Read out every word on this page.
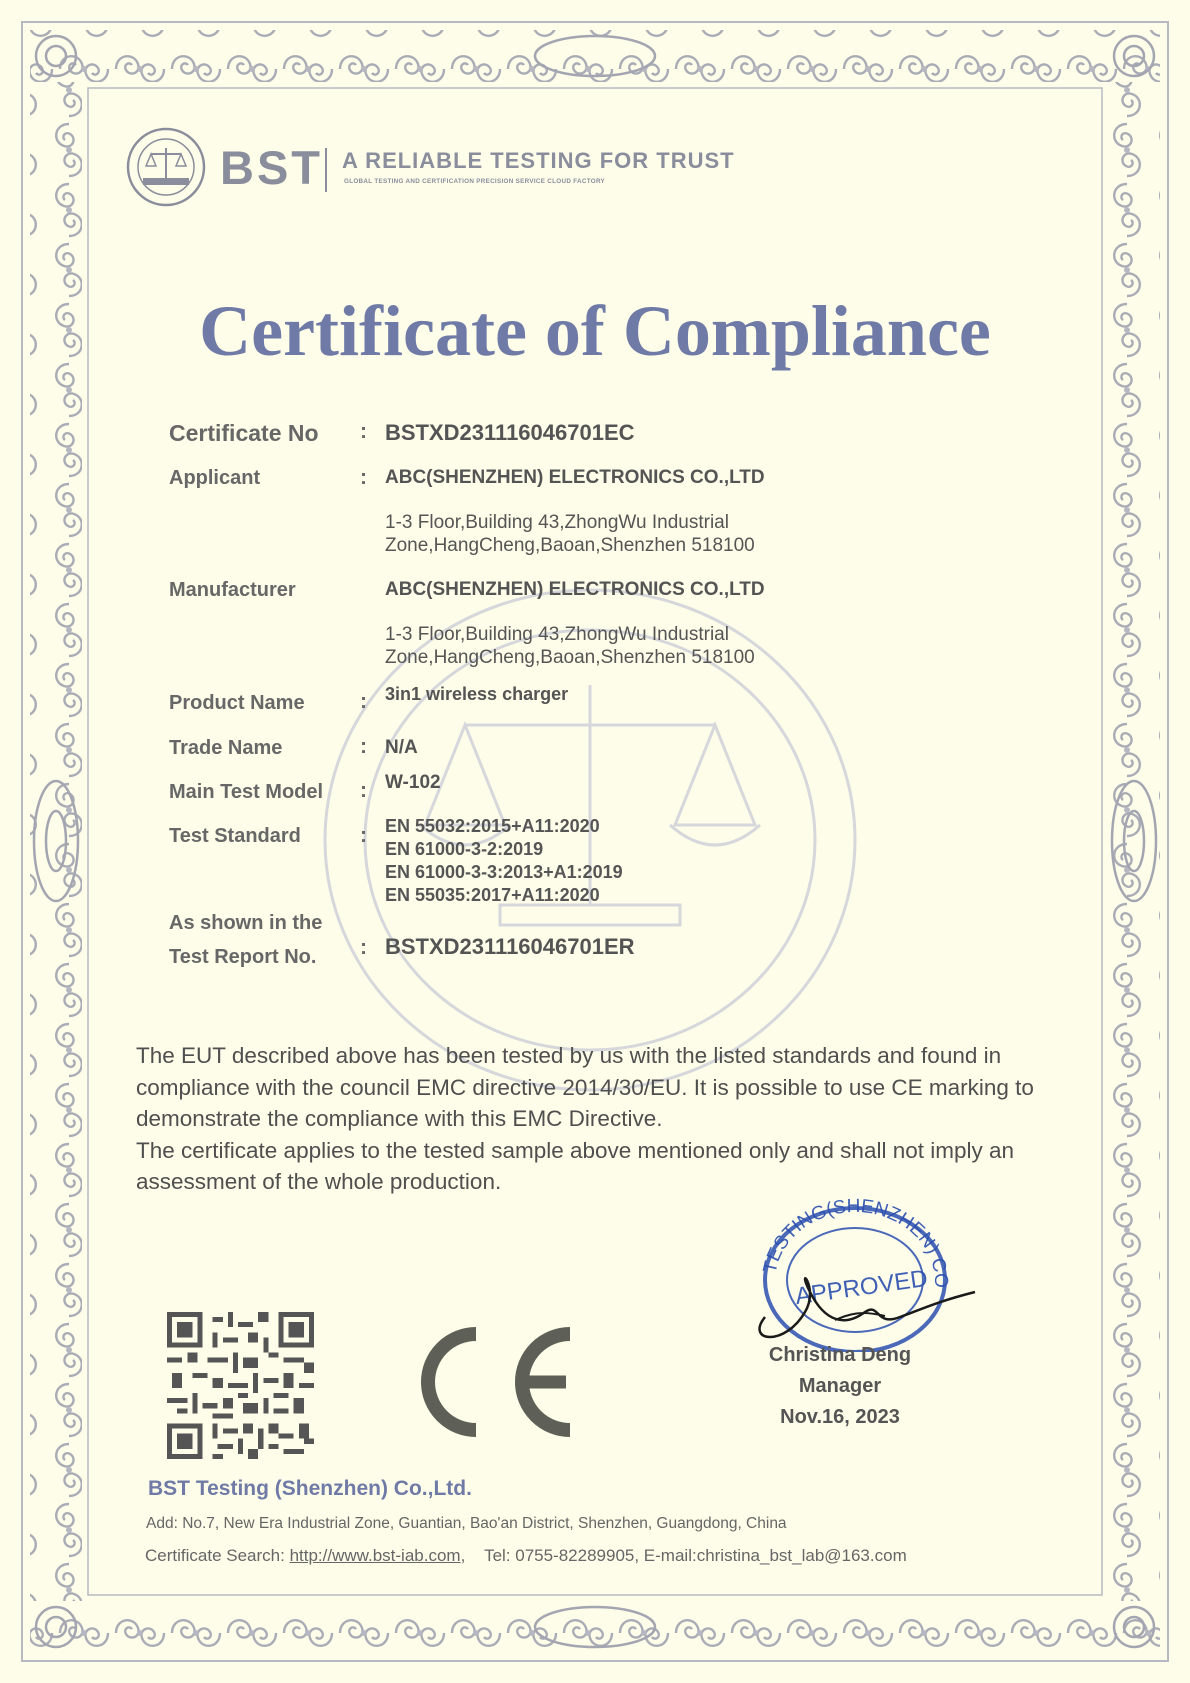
BST A RELIABLE TESTING FOR TRUST
GLOBAL TESTING AND CERTIFICATION PRECISION SERVICE CLOUD FACTORY
Certificate of Compliance
Certificate No : BSTXD231116046701EC
Applicant	: ABC(SHENZHEN) ELECTRONICS CO.,LTD
1-3 Floor,Building 43,ZhongWu Industrial
Zone,HangCheng,Baoan,Shenzhen 518100
Manufacturer	ABC(SHENZHEN) ELECTRONICS CO.,LTD
1-3 Floor,Building 43,ZhongWu Industrial
Zone,HangCheng,Baoan,Shenzhen 518100
Product Name	: 3in1 wireless charger
Trade Name	: N/A
Main Test Model : W-102
Test Standard	: EN 55032:2015+A11:2020
EN 61000-3-2:2019
EN 61000-3-3:2013+A1:2019
EN 55035:2017+A11:2020
As shown in the
Test Report No. : BSTXD231116046701ER

The EUT described above has been tested by us with the listed standards and found in compliance with the council EMC directive 2014/30/EU. It is possible to use CE marking to demonstrate the compliance with this EMC Directive.

The certificate applies to the tested sample above mentioned only and shall not imply an assessment of the whole production.

TESTING(SHENZHEN) CO
APPROVED
Christina Deng
Manager
Nov.16, 2023
BST Testing (Shenzhen) Co.,Ltd.
Add: No.7, New Era Industrial Zone, Guantian, Bao'an District, Shenzhen, Guangdong, China
Certificate Search: http://www.bst-iab.com, Tel: 0755-82289905, E-mail:christina_bst_lab@163.com
